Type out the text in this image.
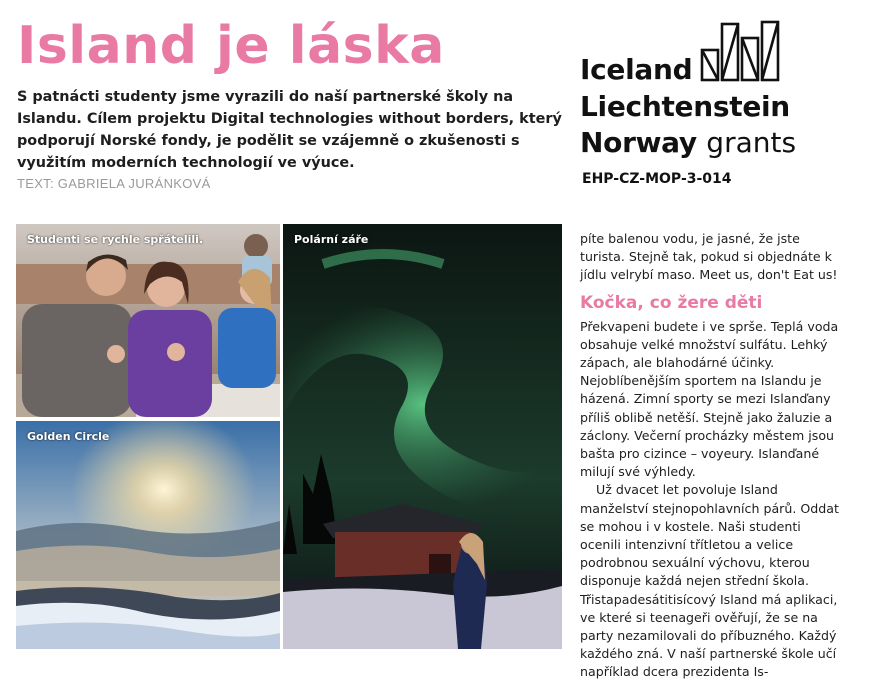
Island je láska

S patnácti studenty jsme vyrazili do naší partnerské školy na Islandu. Cílem projektu Digital technologies without borders, který podporují Norské fondy, je podělit se vzájemně o zkušenosti s využitím moderních technologií ve výuce.

TEXT: GABRIELA JURÁNKOVÁ

Iceland

Liechtenstein

Norway grants

EHP-CZ-MOP-3-014

Studenti se rychle spřátelili.

Golden Circle

Polární záře	píte balenou vodu, je jasné, že jste turista. Stejně tak, pokud si objednáte k jídlu velrybí maso. Meet us, don't Eat us!

Kočka, co žere děti

Překvapeni budete i ve sprše. Teplá voda obsahuje velké množství sulfátu. Lehký zápach, ale blahodárné účinky. Nejoblíbenějším sportem na Islandu je házená. Zimní sporty se mezi Islanďany příliš oblibě netěší. Stejně jako žaluzie a záclony. Večerní procházky městem jsou bašta pro cizince – voyeury. Islanďané milují své výhledy.

Už dvacet let povoluje Island manželství stejnopohlavních párů. Oddat se mohou i v kostele. Naši studenti ocenili intenzivní třítletou a velice podrobnou sexuální výchovu, kterou disponuje každá nejen střední škola. Třistapadesátitisícový Island má aplikaci, ve které si teenageři ověřují, že se na party nezamilovali do příbuzného. Každý každého zná. V naší partnerské škole učí například dcera prezidenta Is-
